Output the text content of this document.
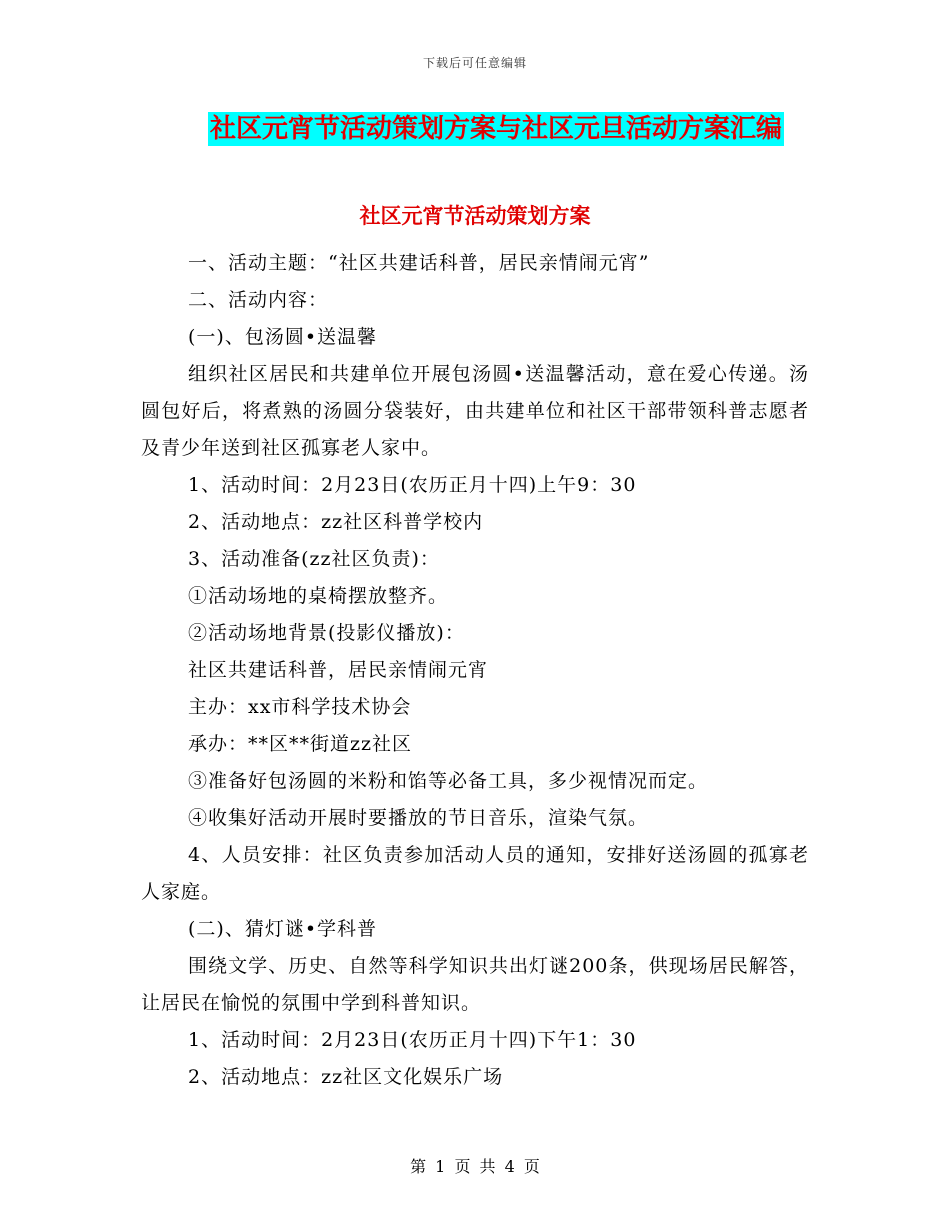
下载后可任意编辑
社区元宵节活动策划方案与社区元旦活动方案汇编
社区元宵节活动策划方案

一、活动主题：“社区共建话科普，居民亲情闹元宵”

二、活动内容：

(一)、包汤圆•送温馨

组织社区居民和共建单位开展包汤圆•送温馨活动，意在爱心传递。汤圆包好后，将煮熟的汤圆分袋装好，由共建单位和社区干部带领科普志愿者及青少年送到社区孤寡老人家中。

1、活动时间：2月23日(农历正月十四)上午9：30

2、活动地点：zz社区科普学校内

3、活动准备(zz社区负责)：

①活动场地的桌椅摆放整齐。

②活动场地背景(投影仪播放)：

社区共建话科普，居民亲情闹元宵

主办：xx市科学技术协会

承办：**区**街道zz社区

③准备好包汤圆的米粉和馅等必备工具，多少视情况而定。

④收集好活动开展时要播放的节日音乐，渲染气氛。

4、人员安排：社区负责参加活动人员的通知，安排好送汤圆的孤寡老人家庭。

(二)、猜灯谜•学科普

围绕文学、历史、自然等科学知识共出灯谜200条，供现场居民解答，让居民在愉悦的氛围中学到科普知识。

1、活动时间：2月23日(农历正月十四)下午1：30

2、活动地点：zz社区文化娱乐广场

第 1 页 共 4 页
